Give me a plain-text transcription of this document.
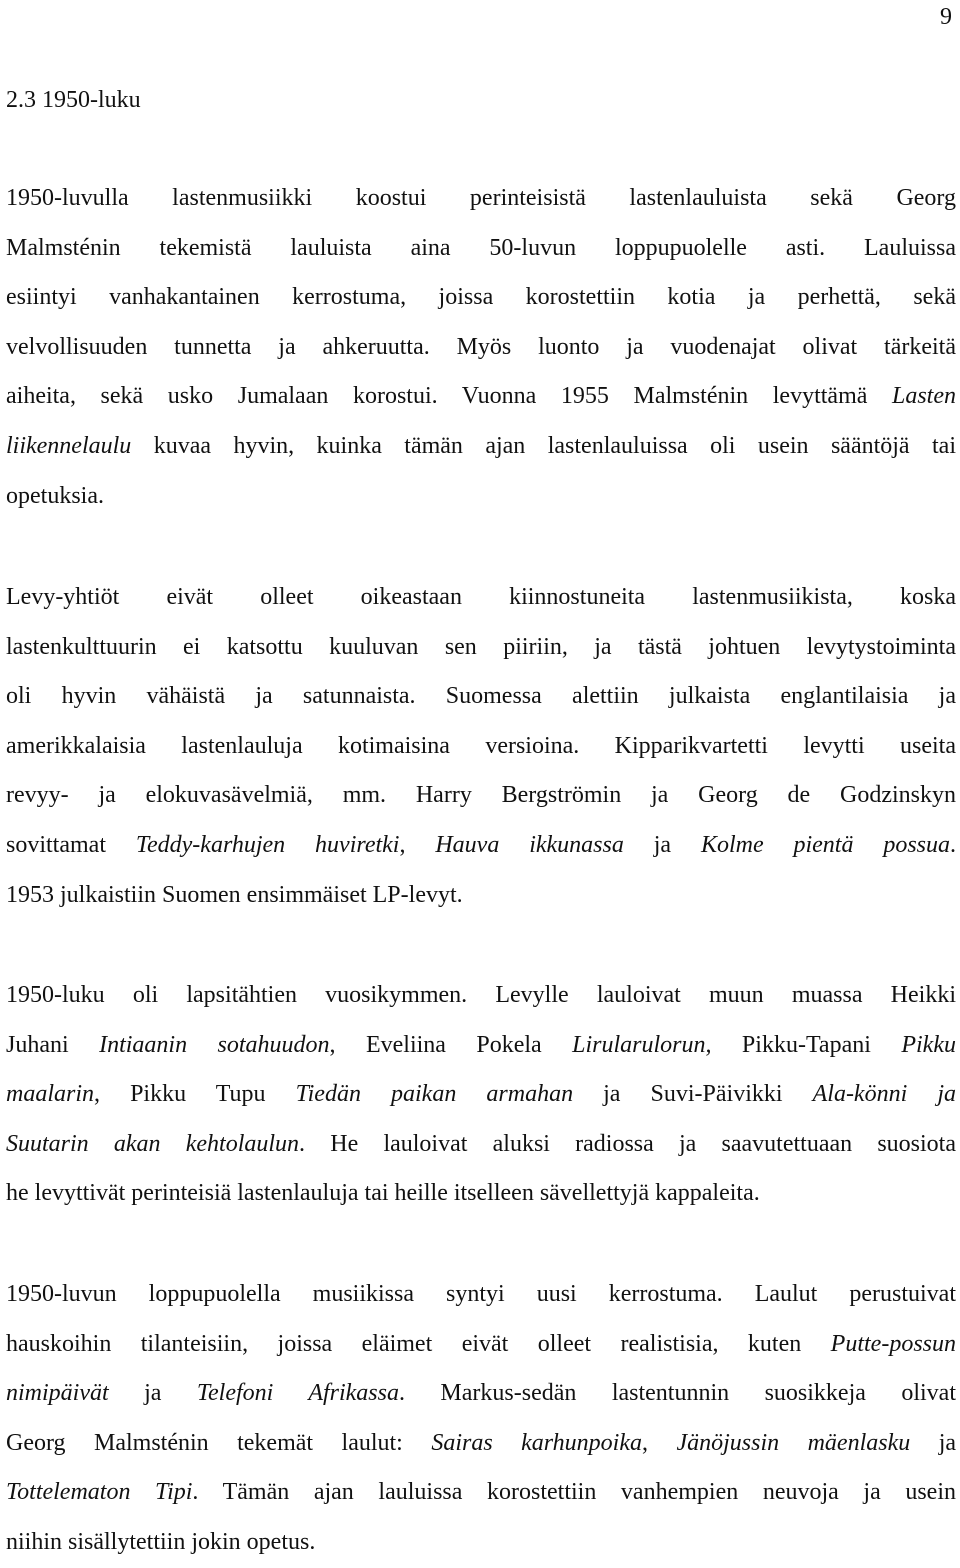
9
2.3 1950-luku

1950-luvulla lastenmusiikki koostui perinteisistä lastenlauluista sekä Georg
Malmsténin tekemistä lauluista aina 50-luvun loppupuolelle asti. Lauluissa
esiintyi vanhakantainen kerrostuma, joissa korostettiin kotia ja perhettä, sekä
velvollisuuden tunnetta ja ahkeruutta. Myös luonto ja vuodenajat olivat tärkeitä
aiheita, sekä usko Jumalaan korostui. Vuonna 1955 Malmsténin levyttämä Lasten
liikennelaulu kuvaa hyvin, kuinka tämän ajan lastenlauluissa oli usein sääntöjä tai
opetuksia.

Levy-yhtiöt eivät olleet oikeastaan kiinnostuneita lastenmusiikista, koska
lastenkulttuurin ei katsottu kuuluvan sen piiriin, ja tästä johtuen levytystoiminta
oli hyvin vähäistä ja satunnaista. Suomessa alettiin julkaista englantilaisia ja
amerikkalaisia lastenlauluja kotimaisina versioina. Kipparikvartetti levytti useita
revyy- ja elokuvasävelmiä, mm. Harry Bergströmin ja Georg de Godzinskyn
sovittamat Teddy-karhujen huviretki, Hauva ikkunassa ja Kolme pientä possua.
1953 julkaistiin Suomen ensimmäiset LP-levyt.

1950-luku oli lapsitähtien vuosikymmen. Levylle lauloivat muun muassa Heikki
Juhani Intiaanin sotahuudon, Eveliina Pokela Lirularulorun, Pikku-Tapani Pikku
maalarin, Pikku Tupu Tiedän paikan armahan ja Suvi-Päivikki Ala-könni ja
Suutarin akan kehtolaulun. He lauloivat aluksi radiossa ja saavutettuaan suosiota
he levyttivät perinteisiä lastenlauluja tai heille itselleen sävellettyjä kappaleita.

1950-luvun loppupuolella musiikissa syntyi uusi kerrostuma. Laulut perustuivat
hauskoihin tilanteisiin, joissa eläimet eivät olleet realistisia, kuten Putte-possun
nimipäivät ja Telefoni Afrikassa. Markus-sedän lastentunnin suosikkeja olivat
Georg Malmsténin tekemät laulut: Sairas karhunpoika, Jänöjussin mäenlasku ja
Tottelematon Tipi. Tämän ajan lauluissa korostettiin vanhempien neuvoja ja usein
niihin sisällytettiin jokin opetus.
